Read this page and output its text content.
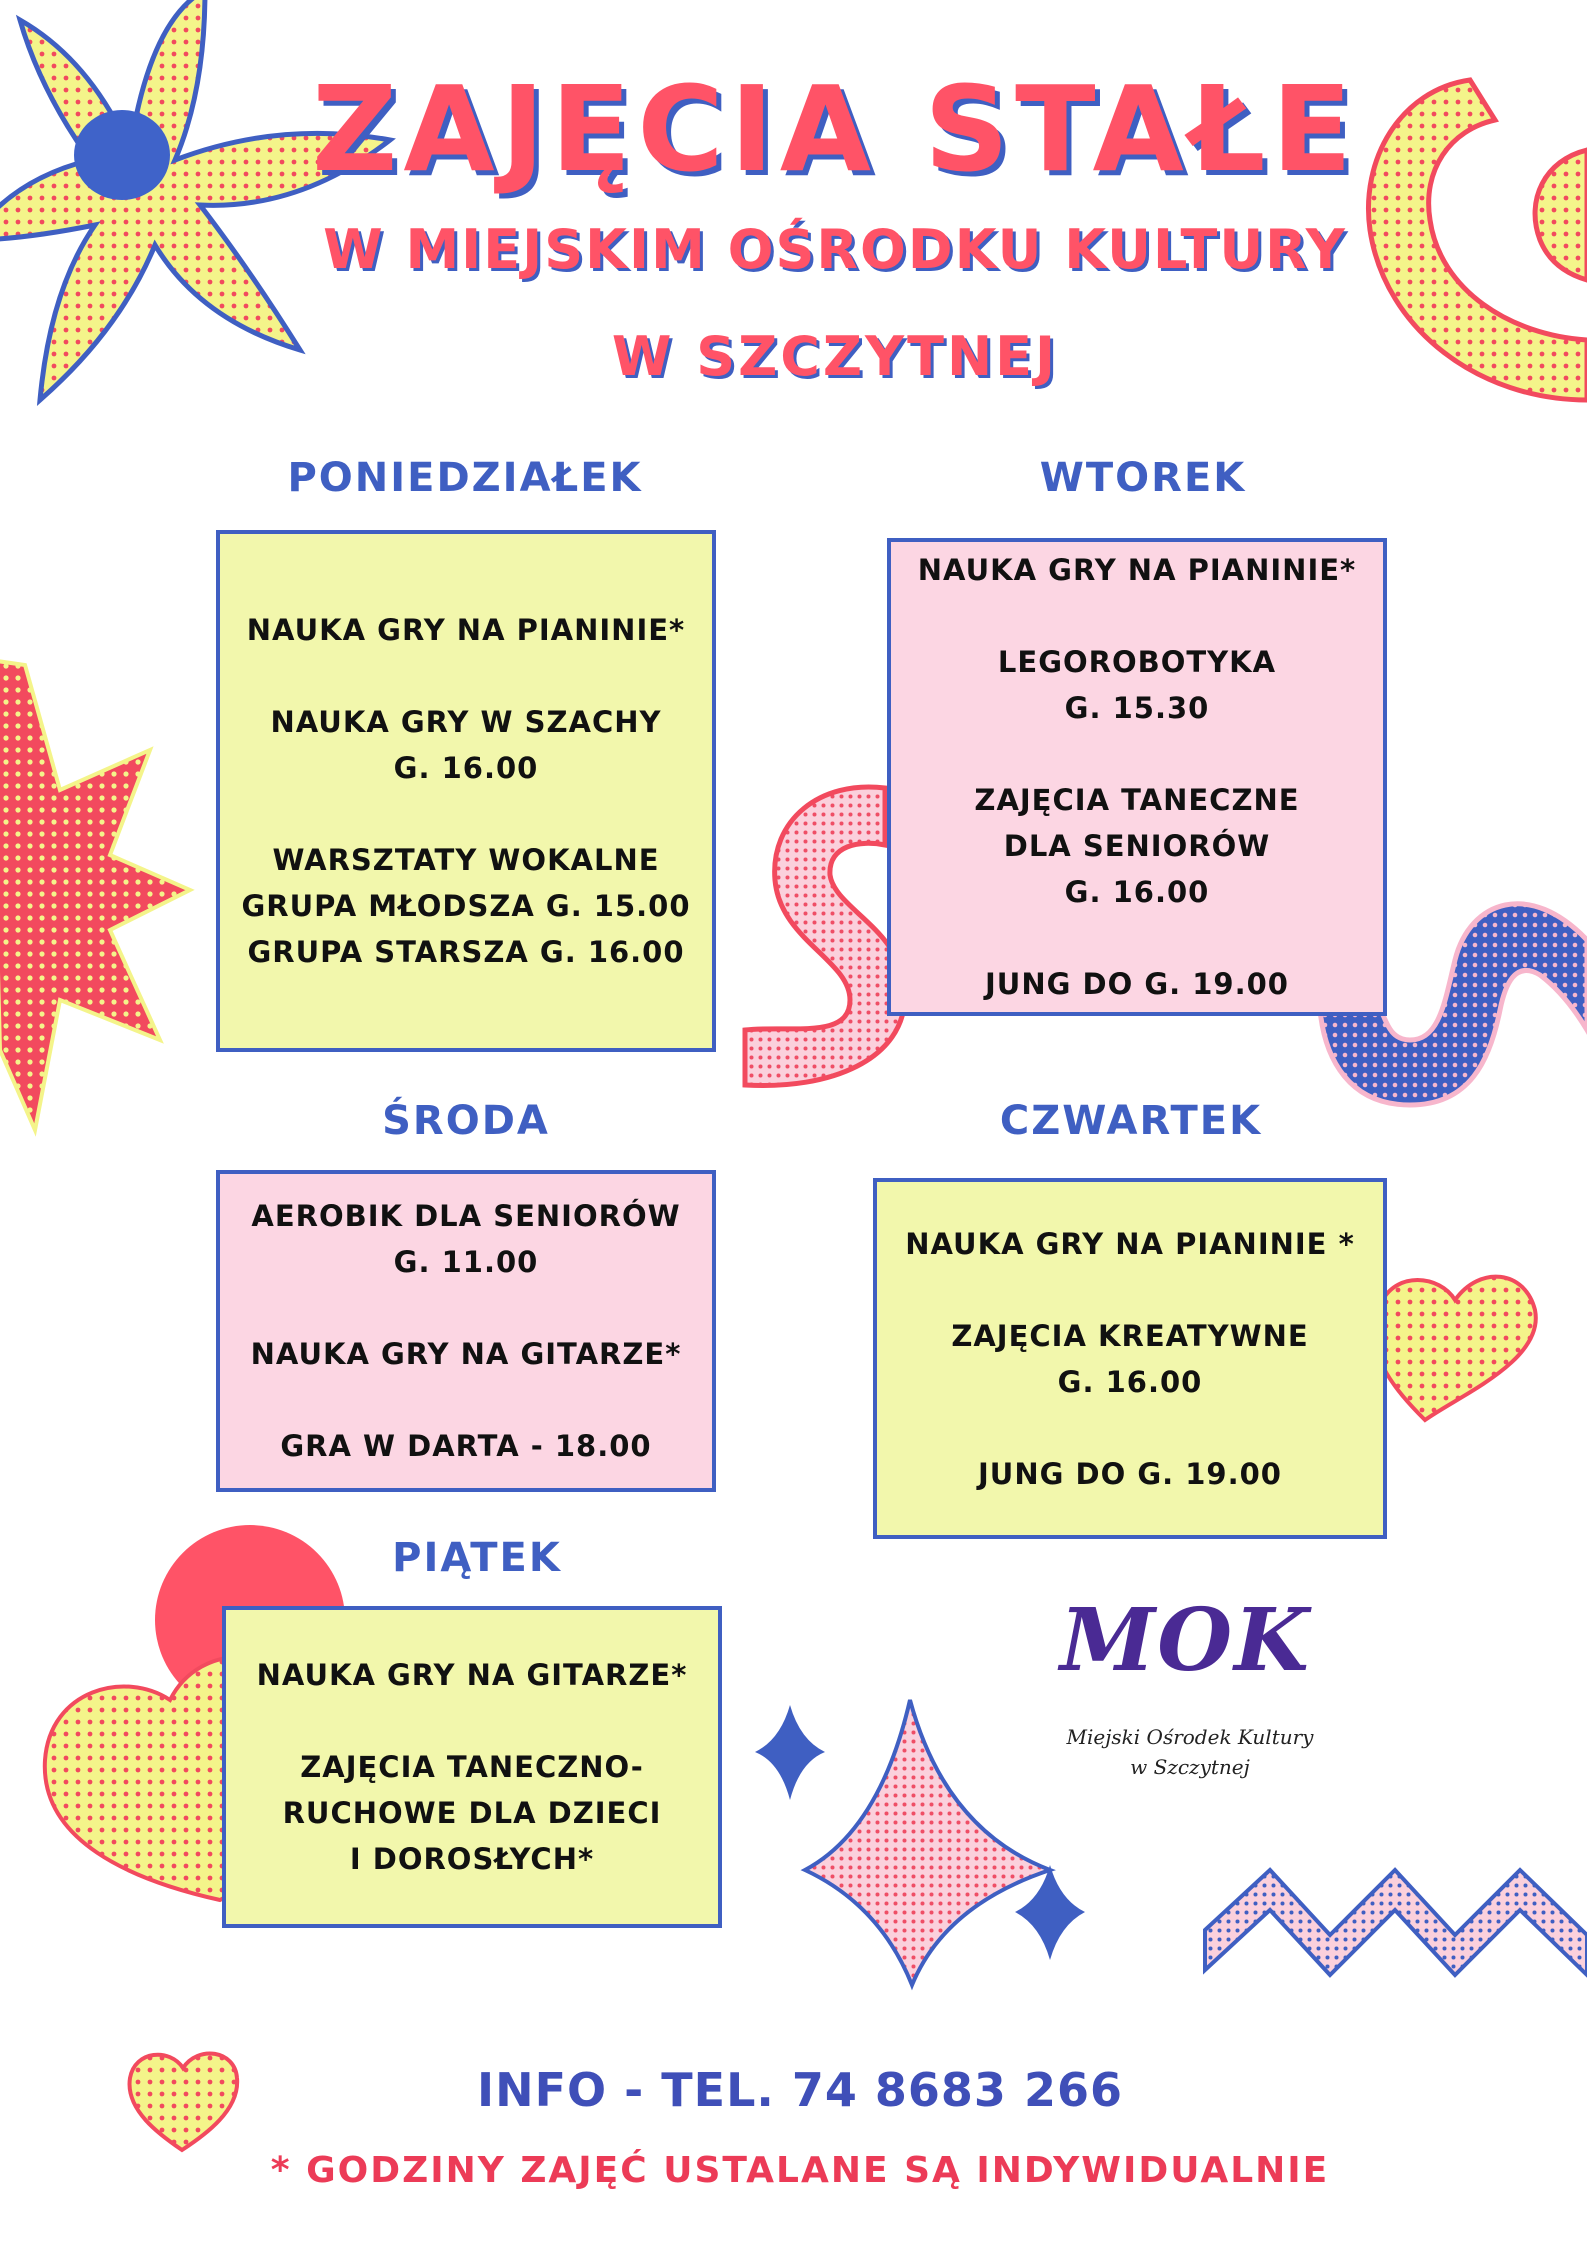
ZAJĘCIA STAŁE
W MIEJSKIM OŚRODKU KULTURY
W SZCZYTNEJ
PONIEDZIAŁEK

NAUKA GRY NA PIANINIE*

NAUKA GRY W SZACHY

G. 16.00

WARSZTATY WOKALNE

GRUPA MŁODSZA G. 15.00

GRUPA STARSZA G. 16.00

WTOREK

NAUKA GRY NA PIANINIE*

LEGOROBOTYKA

G. 15.30

ZAJĘCIA TANECZNE

DLA SENIORÓW

G. 16.00

JUNG DO G. 19.00

ŚRODA

AEROBIK DLA SENIORÓW

G. 11.00

NAUKA GRY NA GITARZE*

GRA W DARTA - 18.00

CZWARTEK

NAUKA GRY NA PIANINIE *

ZAJĘCIA KREATYWNE

G. 16.00

JUNG DO G. 19.00

PIĄTEK

NAUKA GRY NA GITARZE*

ZAJĘCIA TANECZNO-

RUCHOWE DLA DZIECI

I DOROSŁYCH*

MOK
Miejski Ośrodek Kultury
w Szczytnej
INFO - TEL. 74 8683 266
* GODZINY ZAJĘĆ USTALANE SĄ INDYWIDUALNIE
